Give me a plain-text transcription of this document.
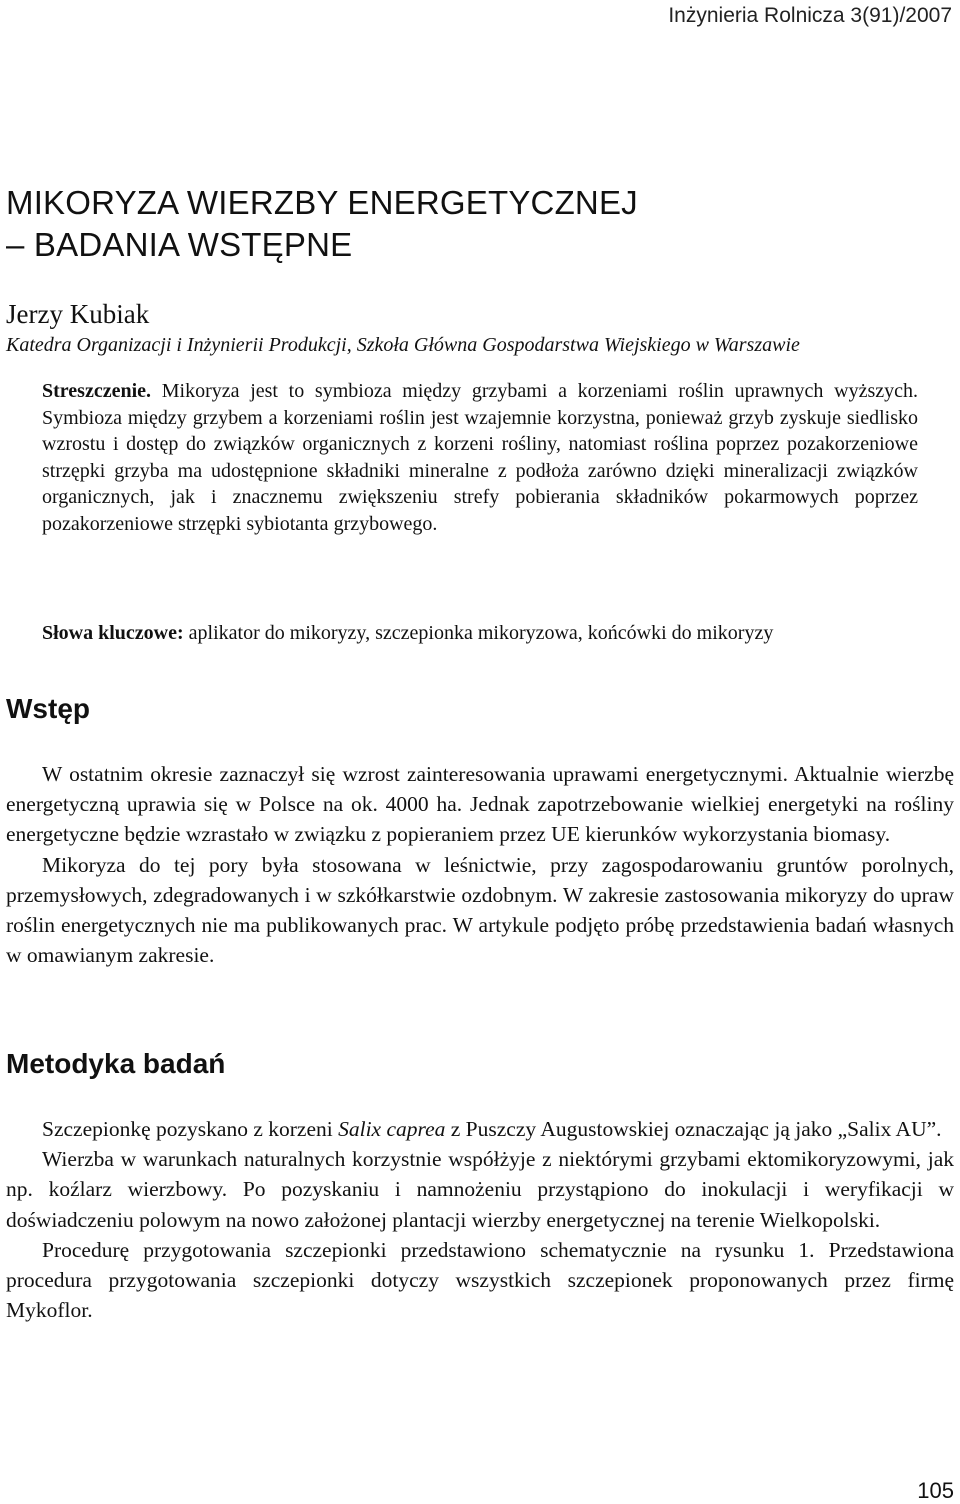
Inżynieria Rolnicza 3(91)/2007
MIKORYZA WIERZBY ENERGETYCZNEJ
– BADANIA WSTĘPNE
Jerzy Kubiak
Katedra Organizacji i Inżynierii Produkcji, Szkoła Główna Gospodarstwa Wiejskiego w Warszawie

Streszczenie. Mikoryza jest to symbioza między grzybami a korzeniami roślin uprawnych wyższych. Symbioza między grzybem a korzeniami roślin jest wzajemnie korzystna, ponieważ grzyb zyskuje siedlisko wzrostu i dostęp do związków organicznych z korzeni rośliny, natomiast roślina poprzez pozakorzeniowe strzępki grzyba ma udostępnione składniki mineralne z podłoża zarówno dzięki mineralizacji związków organicznych, jak i znacznemu zwiększeniu strefy pobierania składników pokarmowych poprzez pozakorzeniowe strzępki sybiotanta grzybowego.

Słowa kluczowe: aplikator do mikoryzy, szczepionka mikoryzowa, końcówki do mikoryzy

Wstęp

W ostatnim okresie zaznaczył się wzrost zainteresowania uprawami energetycznymi. Aktualnie wierzbę energetyczną uprawia się w Polsce na ok. 4000 ha. Jednak zapotrzebowanie wielkiej energetyki na rośliny energetyczne będzie wzrastało w związku z popieraniem przez UE kierunków wykorzystania biomasy.

Mikoryza do tej pory była stosowana w leśnictwie, przy zagospodarowaniu gruntów porolnych, przemysłowych, zdegradowanych i w szkółkarstwie ozdobnym. W zakresie zastosowania mikoryzy do upraw roślin energetycznych nie ma publikowanych prac. W artykule podjęto próbę przedstawienia badań własnych w omawianym zakresie.

Metodyka badań

Szczepionkę pozyskano z korzeni Salix caprea z Puszczy Augustowskiej oznaczając ją jako „Salix AU”.

Wierzba w warunkach naturalnych korzystnie współżyje z niektórymi grzybami ektomikoryzowymi, jak np. koźlarz wierzbowy. Po pozyskaniu i namnożeniu przystąpiono do inokulacji i weryfikacji w doświadczeniu polowym na nowo założonej plantacji wierzby energetycznej na terenie Wielkopolski.

Procedurę przygotowania szczepionki przedstawiono schematycznie na rysunku 1. Przedstawiona procedura przygotowania szczepionki dotyczy wszystkich szczepionek proponowanych przez firmę Mykoflor.

105
